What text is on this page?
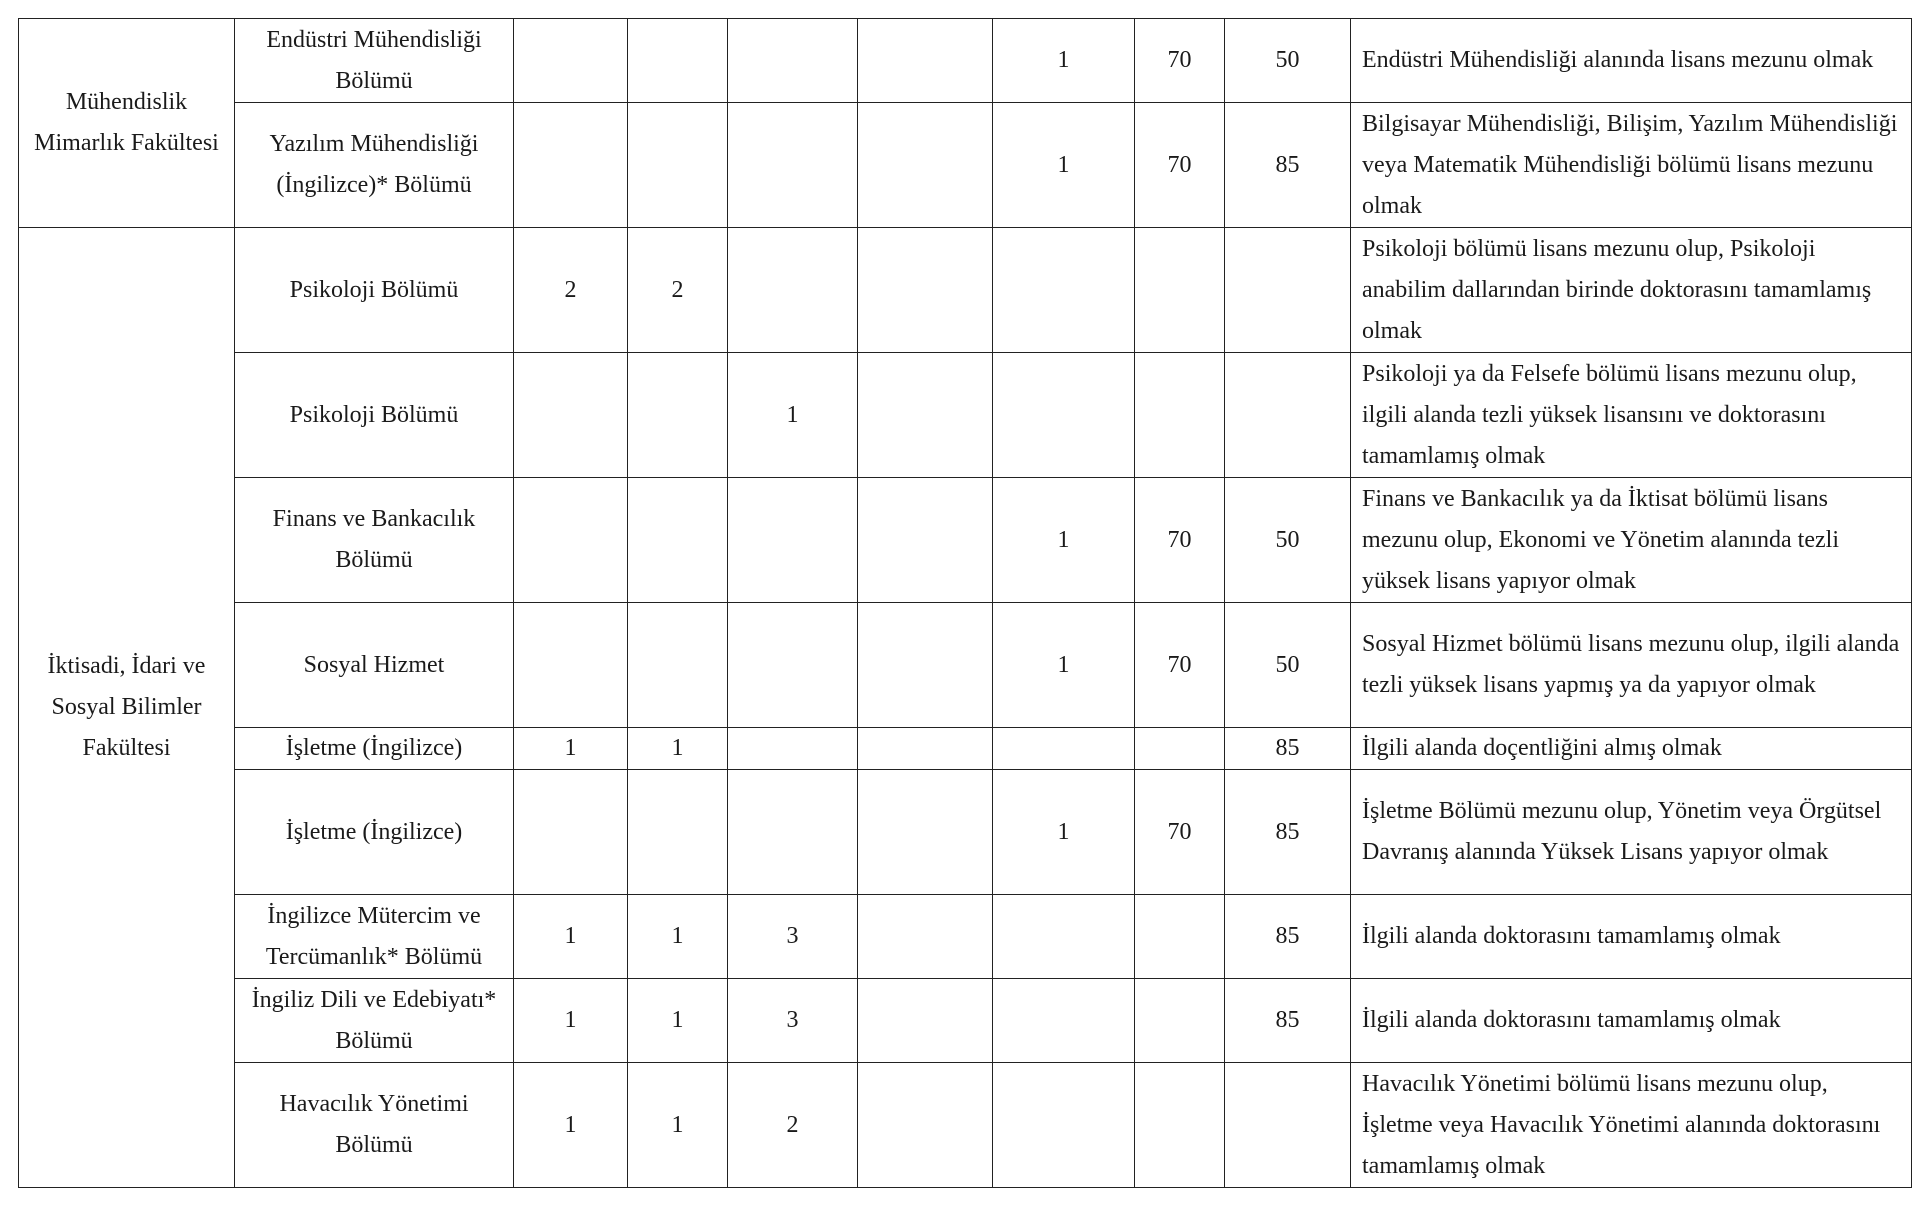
Mühendislik Mimarlık Fakültesi	Endüstri Mühendisliği Bölümü					1	70	50	Endüstri Mühendisliği alanında lisans mezunu olmak
	Yazılım Mühendisliği (İngilizce)* Bölümü					1	70	85	Bilgisayar Mühendisliği, Bilişim, Yazılım Mühendisliği veya Matematik Mühendisliği bölümü lisans mezunu olmak
İktisadi, İdari ve Sosyal Bilimler Fakültesi	Psikoloji Bölümü	2	2						Psikoloji bölümü lisans mezunu olup, Psikoloji anabilim dallarından birinde doktorasını tamamlamış olmak
	Psikoloji Bölümü			1					Psikoloji ya da Felsefe bölümü lisans mezunu olup, ilgili alanda tezli yüksek lisansını ve doktorasını tamamlamış olmak
	Finans ve Bankacılık Bölümü					1	70	50	Finans ve Bankacılık ya da İktisat bölümü lisans mezunu olup, Ekonomi ve Yönetim alanında tezli yüksek lisans yapıyor olmak
	Sosyal Hizmet					1	70	50	Sosyal Hizmet bölümü lisans mezunu olup, ilgili alanda tezli yüksek lisans yapmış ya da yapıyor olmak
	İşletme (İngilizce)	1	1					85	İlgili alanda doçentliğini almış olmak
	İşletme (İngilizce)					1	70	85	İşletme Bölümü mezunu olup, Yönetim veya Örgütsel Davranış alanında Yüksek Lisans yapıyor olmak
	İngilizce Mütercim ve Tercümanlık* Bölümü	1	1	3				85	İlgili alanda doktorasını tamamlamış olmak
	İngiliz Dili ve Edebiyatı* Bölümü	1	1	3				85	İlgili alanda doktorasını tamamlamış olmak
	Havacılık Yönetimi Bölümü	1	1	2					Havacılık Yönetimi bölümü lisans mezunu olup, İşletme veya Havacılık Yönetimi alanında doktorasını tamamlamış olmak
